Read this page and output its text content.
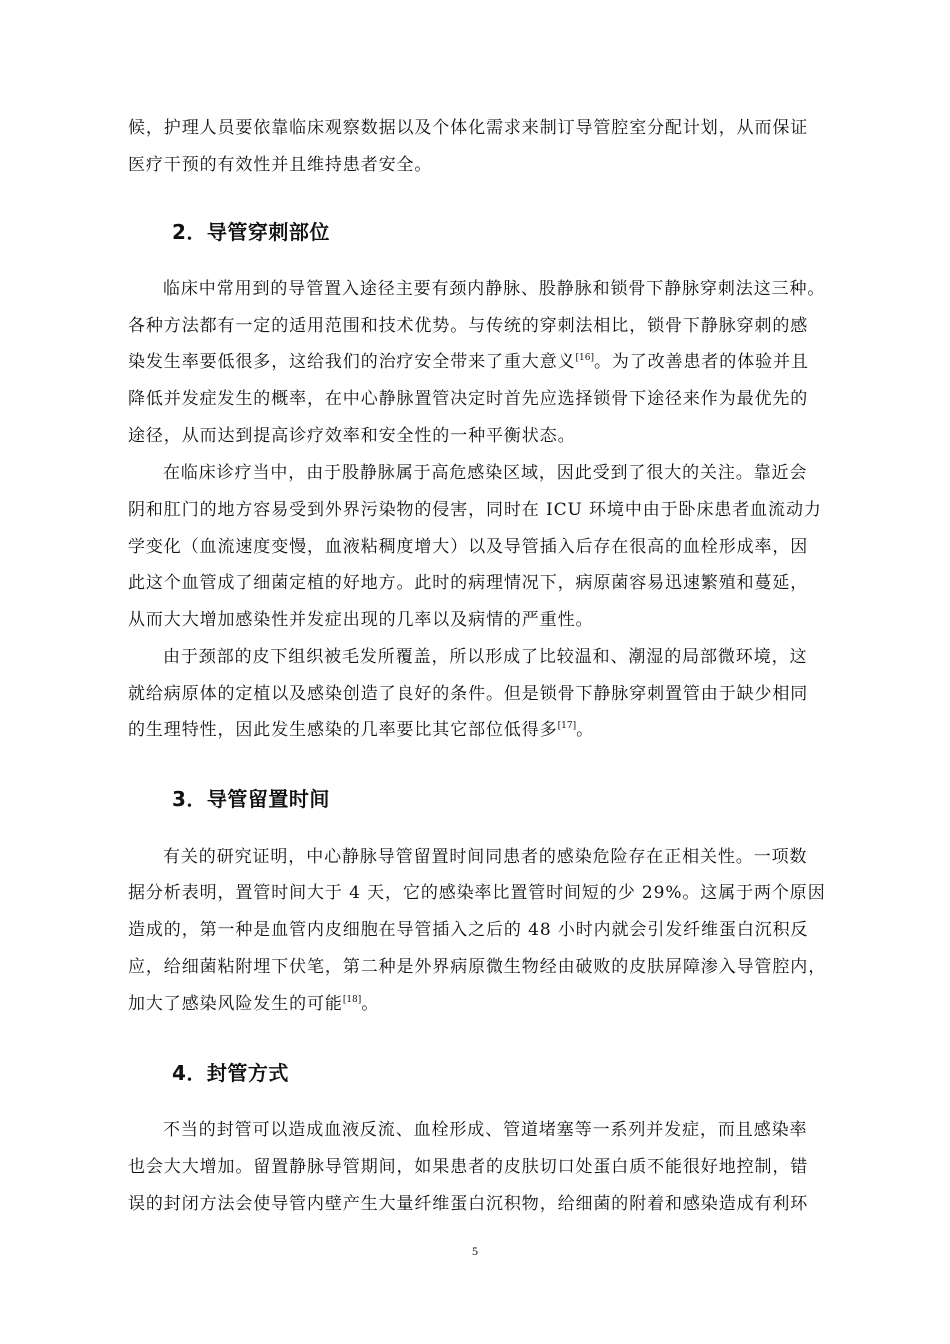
候，护理人员要依靠临床观察数据以及个体化需求来制订导管腔室分配计划，从而保证
医疗干预的有效性并且维持患者安全。
2．导管穿刺部位
临床中常用到的导管置入途径主要有颈内静脉、股静脉和锁骨下静脉穿刺法这三种。
各种方法都有一定的适用范围和技术优势。与传统的穿刺法相比，锁骨下静脉穿刺的感
染发生率要低很多，这给我们的治疗安全带来了重大意义[16]。为了改善患者的体验并且
降低并发症发生的概率，在中心静脉置管决定时首先应选择锁骨下途径来作为最优先的
途径，从而达到提高诊疗效率和安全性的一种平衡状态。
在临床诊疗当中，由于股静脉属于高危感染区域，因此受到了很大的关注。靠近会
阴和肛门的地方容易受到外界污染物的侵害，同时在 ICU 环境中由于卧床患者血流动力
学变化（血流速度变慢，血液粘稠度增大）以及导管插入后存在很高的血栓形成率，因
此这个血管成了细菌定植的好地方。此时的病理情况下，病原菌容易迅速繁殖和蔓延，
从而大大增加感染性并发症出现的几率以及病情的严重性。
由于颈部的皮下组织被毛发所覆盖，所以形成了比较温和、潮湿的局部微环境，这
就给病原体的定植以及感染创造了良好的条件。但是锁骨下静脉穿刺置管由于缺少相同
的生理特性，因此发生感染的几率要比其它部位低得多[17]。
3．导管留置时间
有关的研究证明，中心静脉导管留置时间同患者的感染危险存在正相关性。一项数
据分析表明，置管时间大于 4 天，它的感染率比置管时间短的少 29%。这属于两个原因
造成的，第一种是血管内皮细胞在导管插入之后的 48 小时内就会引发纤维蛋白沉积反
应，给细菌粘附埋下伏笔，第二种是外界病原微生物经由破败的皮肤屏障渗入导管腔内，
加大了感染风险发生的可能[18]。
4．封管方式
不当的封管可以造成血液反流、血栓形成、管道堵塞等一系列并发症，而且感染率
也会大大增加。留置静脉导管期间，如果患者的皮肤切口处蛋白质不能很好地控制，错
误的封闭方法会使导管内壁产生大量纤维蛋白沉积物，给细菌的附着和感染造成有利环
5
